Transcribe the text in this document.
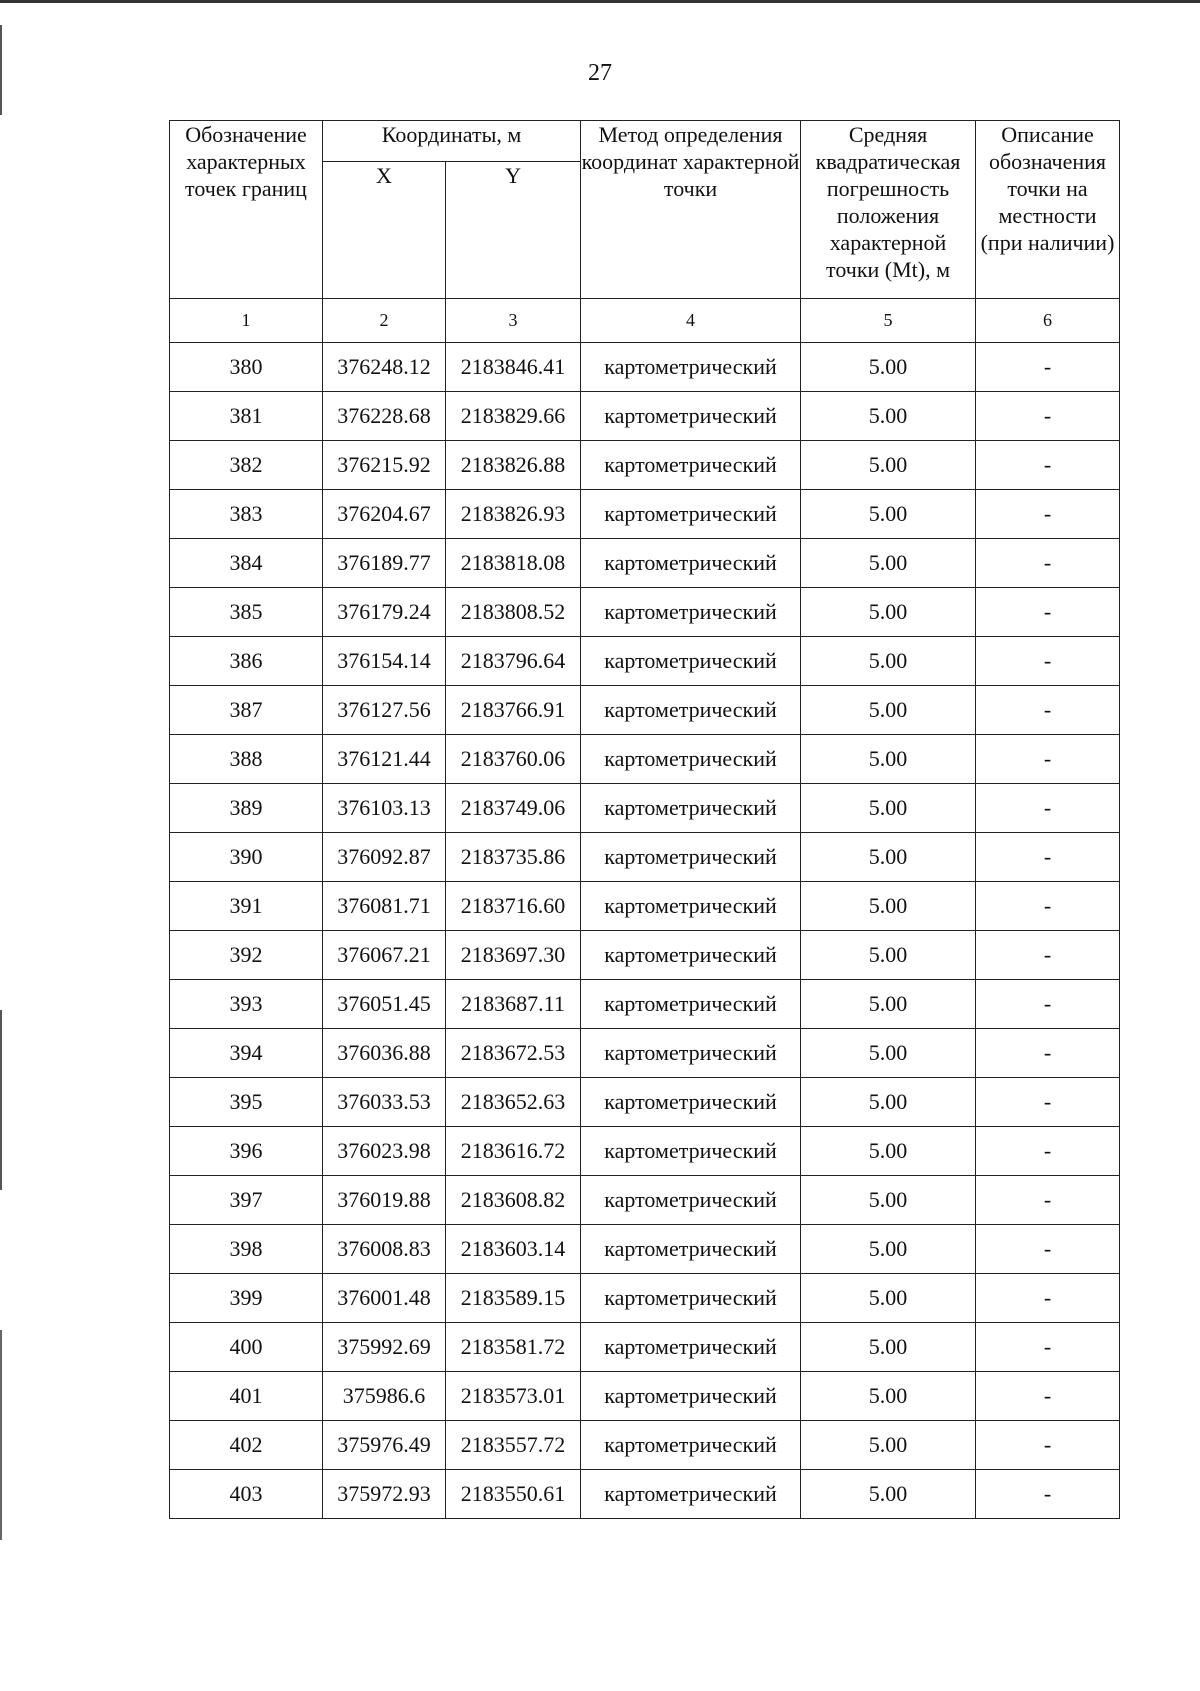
27
Обозначение характерных точек границ	Координаты, м		Метод определения координат характерной точки	Средняя квадратическая погрешность положения характерной точки (Mt), м	Описание обозначения точки на местности (при наличии)
	X	Y			
1	2	3	4	5	6
380	376248.12	2183846.41	картометрический	5.00	-
381	376228.68	2183829.66	картометрический	5.00	-
382	376215.92	2183826.88	картометрический	5.00	-
383	376204.67	2183826.93	картометрический	5.00	-
384	376189.77	2183818.08	картометрический	5.00	-
385	376179.24	2183808.52	картометрический	5.00	-
386	376154.14	2183796.64	картометрический	5.00	-
387	376127.56	2183766.91	картометрический	5.00	-
388	376121.44	2183760.06	картометрический	5.00	-
389	376103.13	2183749.06	картометрический	5.00	-
390	376092.87	2183735.86	картометрический	5.00	-
391	376081.71	2183716.60	картометрический	5.00	-
392	376067.21	2183697.30	картометрический	5.00	-
393	376051.45	2183687.11	картометрический	5.00	-
394	376036.88	2183672.53	картометрический	5.00	-
395	376033.53	2183652.63	картометрический	5.00	-
396	376023.98	2183616.72	картометрический	5.00	-
397	376019.88	2183608.82	картометрический	5.00	-
398	376008.83	2183603.14	картометрический	5.00	-
399	376001.48	2183589.15	картометрический	5.00	-
400	375992.69	2183581.72	картометрический	5.00	-
401	375986.6	2183573.01	картометрический	5.00	-
402	375976.49	2183557.72	картометрический	5.00	-
403	375972.93	2183550.61	картометрический	5.00	-
